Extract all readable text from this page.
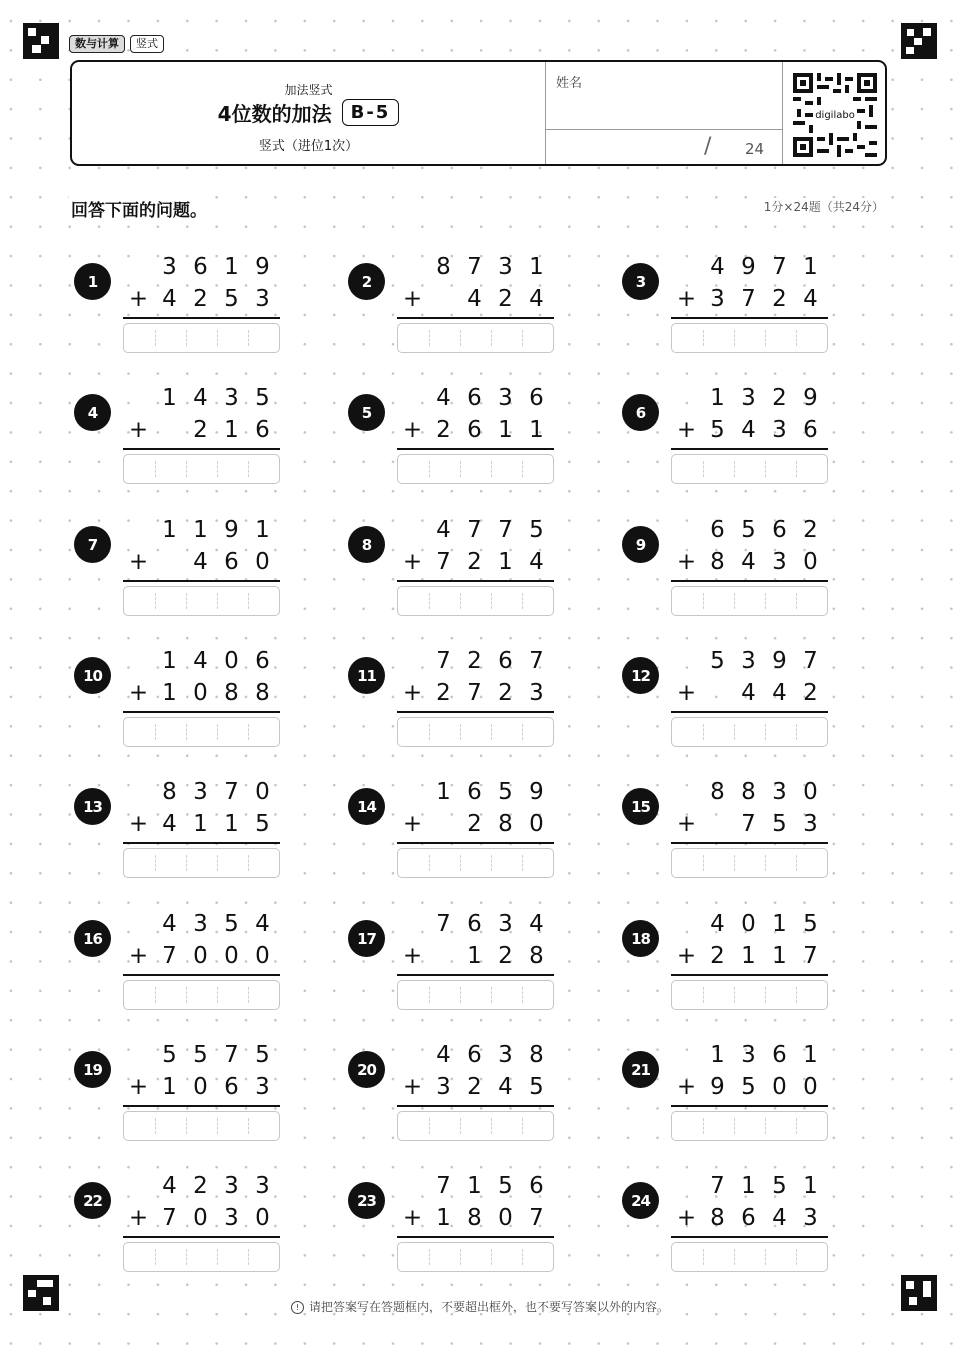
数与计算	竖式
加法竖式
4位数的加法	B-5
竖式（进位1次）
姓名
/ 24
digilabo
回答下面的问题。	1分×24题（共24分）
1
3 6 1 9
+ 4 2 5 3
2
8 7 3 1
+	4 2 4
3
4 9 7 1
+ 3 7 2 4
4
1 4 3 5
+	2 1 6
5
4 6 3 6
+ 2 6 1 1
6
1 3 2 9
+ 5 4 3 6
7
1 1 9 1
+	4 6 0
8
4 7 7 5
+ 7 2 1 4
9
6 5 6 2
+ 8 4 3 0
10
1 4 0 6
+ 1 0 8 8
11
7 2 6 7
+ 2 7 2 3
12
5 3 9 7
+	4 4 2
13
8 3 7 0
+ 4 1 1 5
14
1 6 5 9
+	2 8 0
15
8 8 3 0
+	7 5 3
16
4 3 5 4
+ 7 0 0 0
17
7 6 3 4
+	1 2 8
18
4 0 1 5
+ 2 1 1 7
19
5 5 7 5
+ 1 0 6 3
20
4 6 3 8
+ 3 2 4 5
21
1 3 6 1
+ 9 5 0 0
22
4 2 3 3
+ 7 0 3 0
23
7 1 5 6
+ 1 8 0 7
24
7 1 5 1
+ 8 6 4 3
! 请把答案写在答题框内，不要超出框外，也不要写答案以外的内容。
